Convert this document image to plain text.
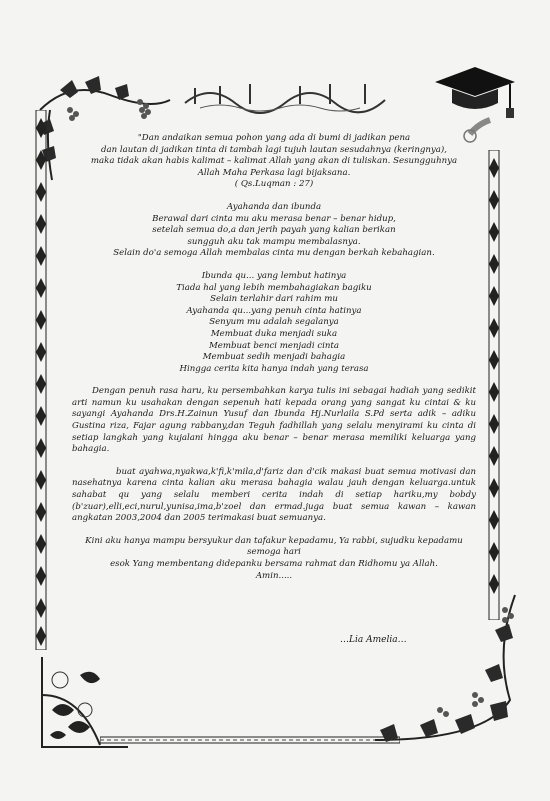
"Dan andaikan semua pohon yang ada di bumi di jadikan pena

dan lautan di jadikan tinta di tambah lagi tujuh lautan sesudahnya (keringnya),

maka tidak akan habis kalimat – kalimat Allah yang akan di tuliskan. Sesungguhnya

Allah Maha Perkasa lagi bijaksana.

( Qs.Luqman : 27)

Ayahanda dan ibunda

Berawal dari cinta mu aku merasa benar – benar hidup,

setelah semua do,a dan jerih payah yang kalian berikan

sungguh aku tak mampu membalasnya.

Selain do'a semoga Allah membalas cinta mu dengan berkah kebahagian.

Ibunda qu... yang lembut hatinya

Tiada hal yang lebih membahagiakan bagiku

Selain terlahir dari rahim mu

Ayahanda qu...yang penuh cinta hatinya

Senyum mu adalah segalanya

Membuat duka menjadi suka

Membuat benci menjadi cinta

Membuat sedih menjadi bahagia

Hingga cerita kita hanya indah yang terasa

Dengan penuh rasa haru, ku persembahkan karya tulis ini sebagai hadiah yang sedikit arti namun ku usahakan dengan sepenuh hati kepada orang yang sangat ku cintai & ku sayangi Ayahanda Drs.H.Zainun Yusuf dan Ibunda Hj.Nurlaila S.Pd serta adik – adiku Gustina riza, Fajar agung rabbany,dan Teguh fadhillah yang selalu menyirami ku cinta di setiap langkah yang kujalani hingga aku benar – benar merasa memiliki keluarga yang bahagia.

buat ayahwa,nyakwa,k'fi,k'mila,d'fariz dan d'cik makasi buat semua motivasi dan nasehatnya karena cinta kalian aku merasa bahagia walau jauh dengan keluarga.untuk sahabat qu yang selalu memberi cerita indah di setiap hariku,my bobdy (b'zuar),elli,eci,nurul,yunisa,ima,b'zoel dan ermad.juga buat semua kawan – kawan angkatan 2003,2004 dan 2005 terimakasi buat semuanya.

Kini aku hanya mampu bersyukur dan tafakur kepadamu, Ya rabbi, sujudku kepadamu semoga hari

esok Yang membentang didepanku bersama rahmat dan Ridhomu ya Allah.

Amin.....

…Lia Amelia…
